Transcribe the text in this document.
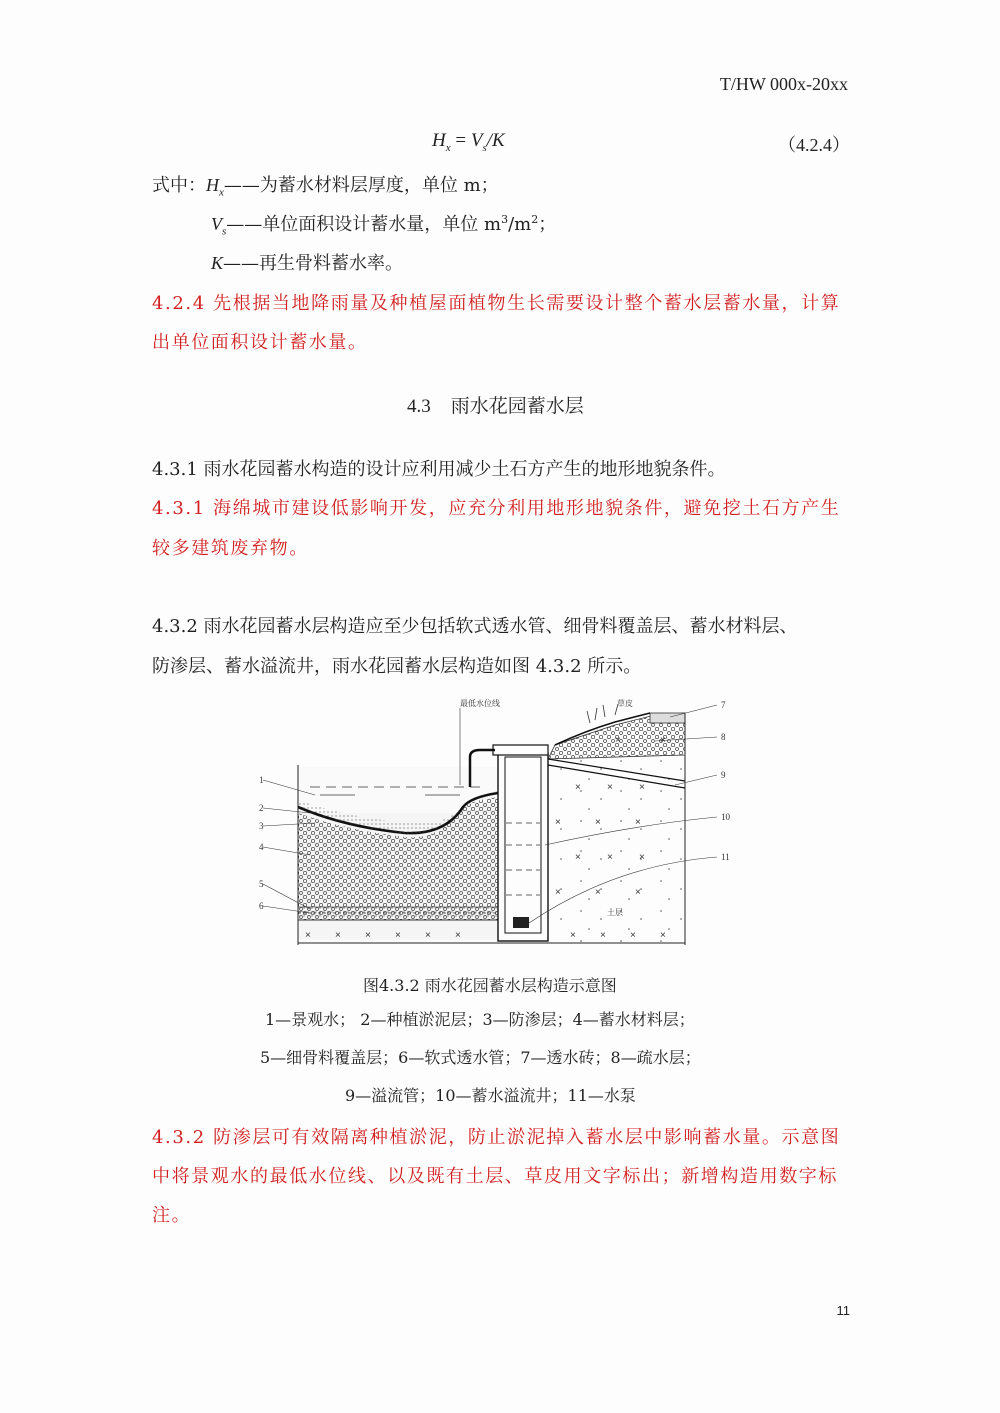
T/HW 000x-20xx
$H_x = V_s/K$	（4.2.4）
式中：$H_x——$为蓄水材料层厚度，单位 m；
$V_s——$单位面积设计蓄水量，单位 $m^3/m^2$；
K——再生骨料蓄水率。
4.2.4 先根据当地降雨量及种植屋面植物生长需要设计整个蓄水层蓄水量，计算
出单位面积设计蓄水量。
4.3 雨水花园蓄水层
4.3.1 雨水花园蓄水构造的设计应利用减少土石方产生的地形地貌条件。
4.3.1 海绵城市建设低影响开发，应充分利用地形地貌条件，避免挖土石方产生
较多建筑废弃物。
4.3.2 雨水花园蓄水层构造应至少包括软式透水管、细骨料覆盖层、蓄水材料层、
防渗层、蓄水溢流井，雨水花园蓄水层构造如图 4.3.2 所示。
×	×	×
×	×	×
×	×	×
×	×	×
× × × × × ×	× × × ×
×	×
最低水位线	草皮
土层
1
2
3
4
5
6
7
8
9
10
11
图4.3.2 雨水花园蓄水层构造示意图
1—景观水； 2—种植淤泥层；3—防渗层；4—蓄水材料层；
5—细骨料覆盖层；6—软式透水管；7—透水砖；8—疏水层；
9—溢流管；10—蓄水溢流井；11—水泵
4.3.2 防渗层可有效隔离种植淤泥，防止淤泥掉入蓄水层中影响蓄水量。示意图
中将景观水的最低水位线、以及既有土层、草皮用文字标出；新增构造用数字标
注。
11
